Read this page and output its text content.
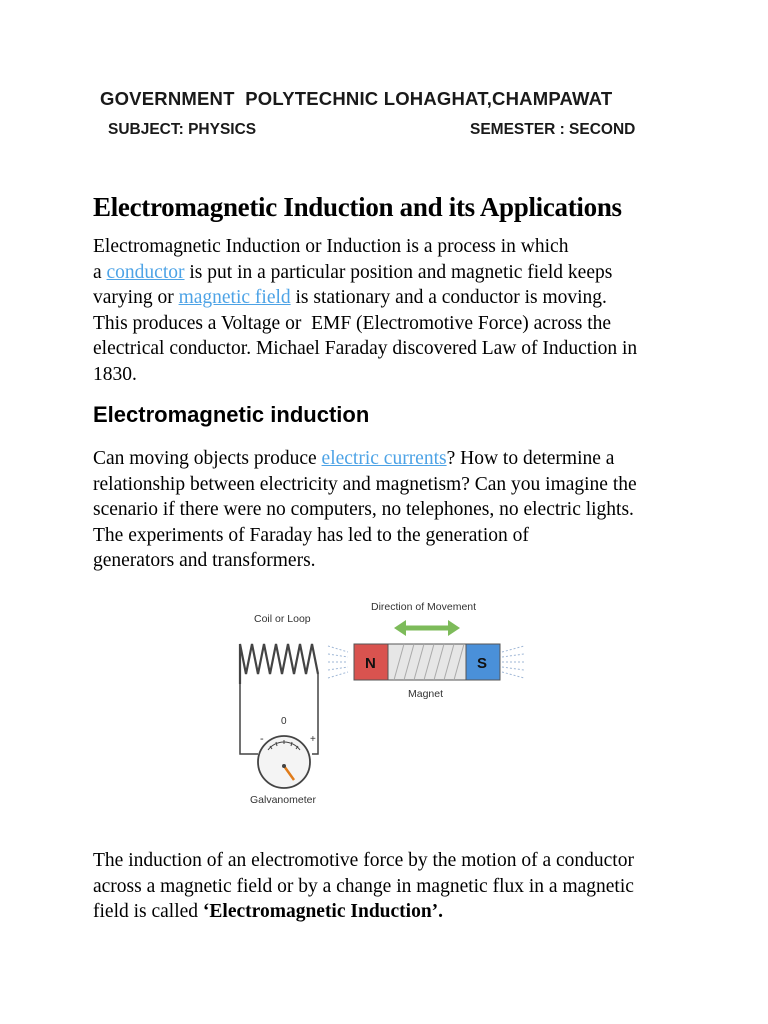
GOVERNMENT  POLYTECHNIC LOHAGHAT,CHAMPAWAT
SUBJECT: PHYSICS	SEMESTER : SECOND
Electromagnetic Induction and its Applications
Electromagnetic Induction or Induction is a process in which
a conductor is put in a particular position and magnetic field keeps
varying or magnetic field is stationary and a conductor is moving.
This produces a Voltage or  EMF (Electromotive Force) across the
electrical conductor. Michael Faraday discovered Law of Induction in
1830.
Electromagnetic induction
Can moving objects produce electric currents? How to determine a
relationship between electricity and magnetism? Can you imagine the
scenario if there were no computers, no telephones, no electric lights.
The experiments of Faraday has led to the generation of
generators and transformers.
Coil or Loop
Direction of Movement
N	S
Magnet
0
-	+
Galvanometer
The induction of an electromotive force by the motion of a conductor
across a magnetic field or by a change in magnetic flux in a magnetic
field is called ‘Electromagnetic Induction’.
